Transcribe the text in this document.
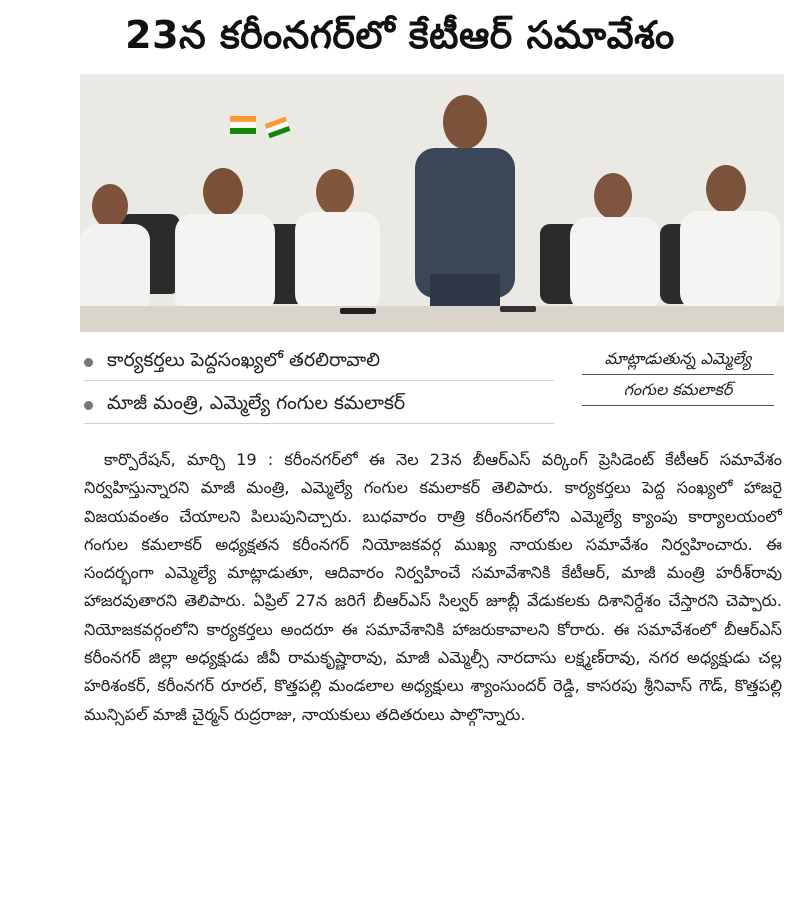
23న కరీంనగర్‌లో కేటీఆర్ సమావేశం
కార్యకర్తలు పెద్దసంఖ్యలో తరలిరావాలి
మాజీ మంత్రి, ఎమ్మెల్యే గంగుల కమలాకర్
మాట్లాడుతున్న ఎమ్మెల్యే
గంగుల కమలాకర్
కార్పొరేషన్, మార్చి 19 : కరీంనగర్‌లో ఈ నెల 23న బీఆర్‌ఎస్ వర్కింగ్ ప్రెసిడెంట్ కేటీఆర్ సమావేశం నిర్వహిస్తున్నారని మాజీ మంత్రి, ఎమ్మెల్యే గంగుల కమలాకర్ తెలిపారు. కార్యకర్తలు పెద్ద సంఖ్యలో హాజరై విజయవంతం చేయాలని పిలుపునిచ్చారు. బుధవారం రాత్రి కరీంనగర్‌లోని ఎమ్మెల్యే క్యాంపు కార్యాలయంలో గంగుల కమలాకర్ అధ్యక్షతన కరీంనగర్ నియోజకవర్గ ముఖ్య నాయకుల సమావేశం నిర్వహించారు. ఈ సందర్భంగా ఎమ్మెల్యే మాట్లాడుతూ, ఆదివారం నిర్వహించే సమావేశానికి కేటీఆర్, మాజీ మంత్రి హరీశ్‌రావు హాజరవుతారని తెలిపారు. ఏప్రిల్ 27న జరిగే బీఆర్‌ఎస్ సిల్వర్ జూబ్లీ వేడుకలకు దిశానిర్దేశం చేస్తారని చెప్పారు. నియోజకవర్గంలోని కార్యకర్తలు అందరూ ఈ సమావేశానికి హాజరుకావాలని కోరారు. ఈ సమావేశంలో బీఆర్‌ఎస్ కరీంనగర్ జిల్లా అధ్యక్షుడు జీవీ రామకృష్ణారావు, మాజీ ఎమ్మెల్సీ నారదాసు లక్ష్మణ్‌రావు, నగర అధ్యక్షుడు చల్ల హరిశంకర్, కరీంనగర్ రూరల్, కొత్తపల్లి మండలాల అధ్యక్షులు శ్యాంసుందర్ రెడ్డి, కాసరపు శ్రీనివాస్ గౌడ్, కొత్తపల్లి మున్సిపల్ మాజీ చైర్మన్ రుద్రరాజు, నాయకులు తదితరులు పాల్గొన్నారు.
